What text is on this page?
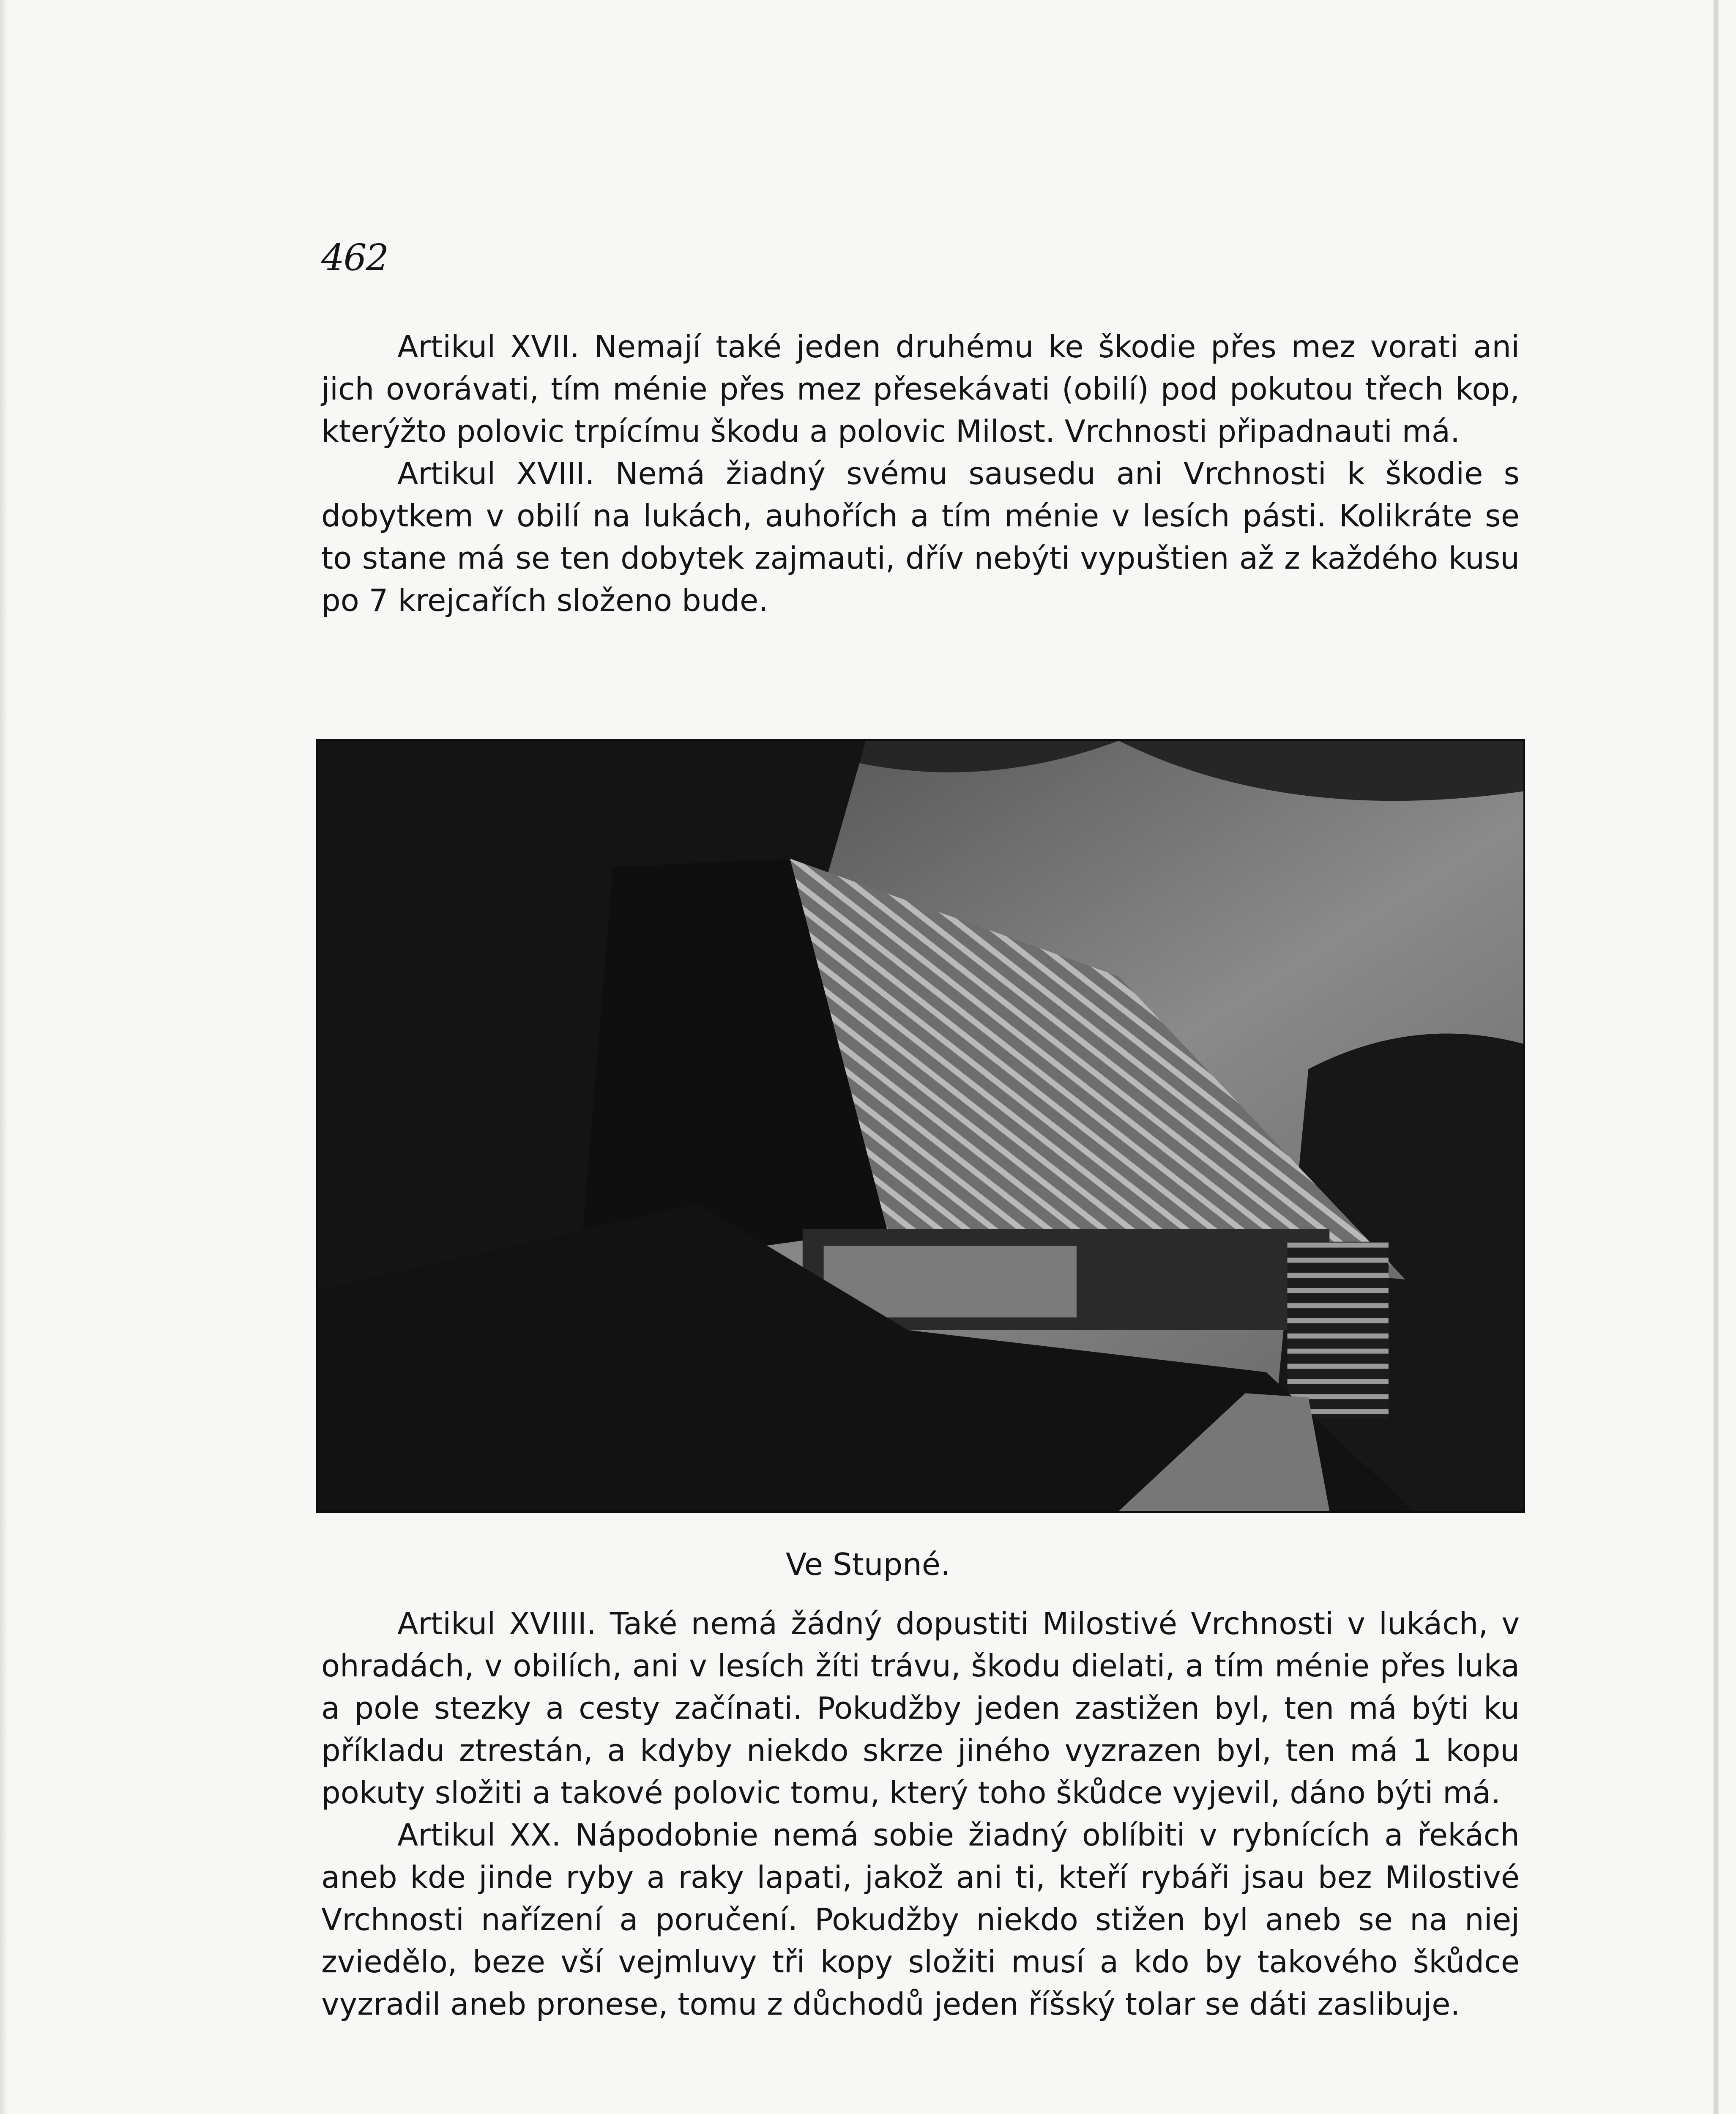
462

Artikul XVII. Nemají také jeden druhému ke škodie přes mez vorati ani jich ovorávati, tím ménie přes mez přesekávati (obilí) pod pokutou třech kop, kterýžto polovic trpícímu škodu a polovic Milost. Vrchnosti připadnauti má.

Artikul XVIII. Nemá žiadný svému sausedu ani Vrchnosti k škodie s dobytkem v obilí na lukách, auhořích a tím ménie v lesích pásti. Kolikráte se to stane má se ten dobytek zajmauti, dřív nebýti vypuštien až z každého kusu po 7 krejcařích složeno bude.

Ve Stupné.

Artikul XVIIII. Také nemá žádný dopustiti Milostivé Vrchnosti v lukách, v ohradách, v obilích, ani v lesích žíti trávu, škodu dielati, a tím ménie přes luka a pole stezky a cesty začínati. Pokudžby jeden zastižen byl, ten má býti ku příkladu ztrestán, a kdyby niekdo skrze jiného vyzrazen byl, ten má 1 kopu pokuty složiti a takové polovic tomu, který toho škůdce vyjevil, dáno býti má.

Artikul XX. Nápodobnie nemá sobie žiadný oblíbiti v rybnících a řekách aneb kde jinde ryby a raky lapati, jakož ani ti, kteří rybáři jsau bez Milostivé Vrchnosti nařízení a poručení. Pokudžby niekdo stižen byl aneb se na niej zviedělo, beze vší vejmluvy tři kopy složiti musí a kdo by takového škůdce vyzradil aneb pronese, tomu z důchodů jeden říšský tolar se dáti zaslibuje.
